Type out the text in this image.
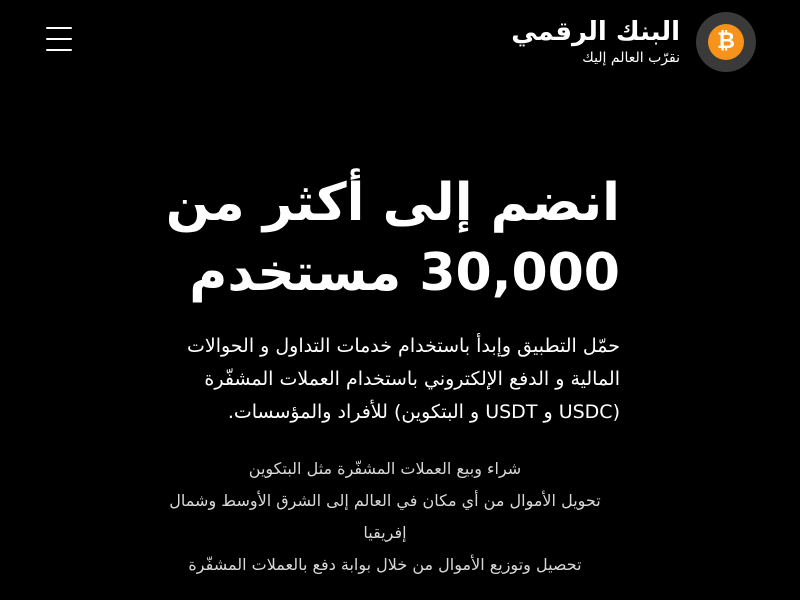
₿
البنك الرقمي
نقرّب العالم إليك
انضم إلى أكثر من
30,000 مستخدم

حمّل التطبيق وإبدأ باستخدام خدمات التداول و الحوالات المالية و الدفع الإلكتروني باستخدام العملات المشفّرة (USDC و USDT و البتكوين) للأفراد والمؤسسات.

شراء وبيع العملات المشفّرة مثل البتكوين
تحويل الأموال من أي مكان في العالم إلى الشرق الأوسط وشمال إفريقيا
تحصيل وتوزيع الأموال من خلال بوابة دفع بالعملات المشفّرة
